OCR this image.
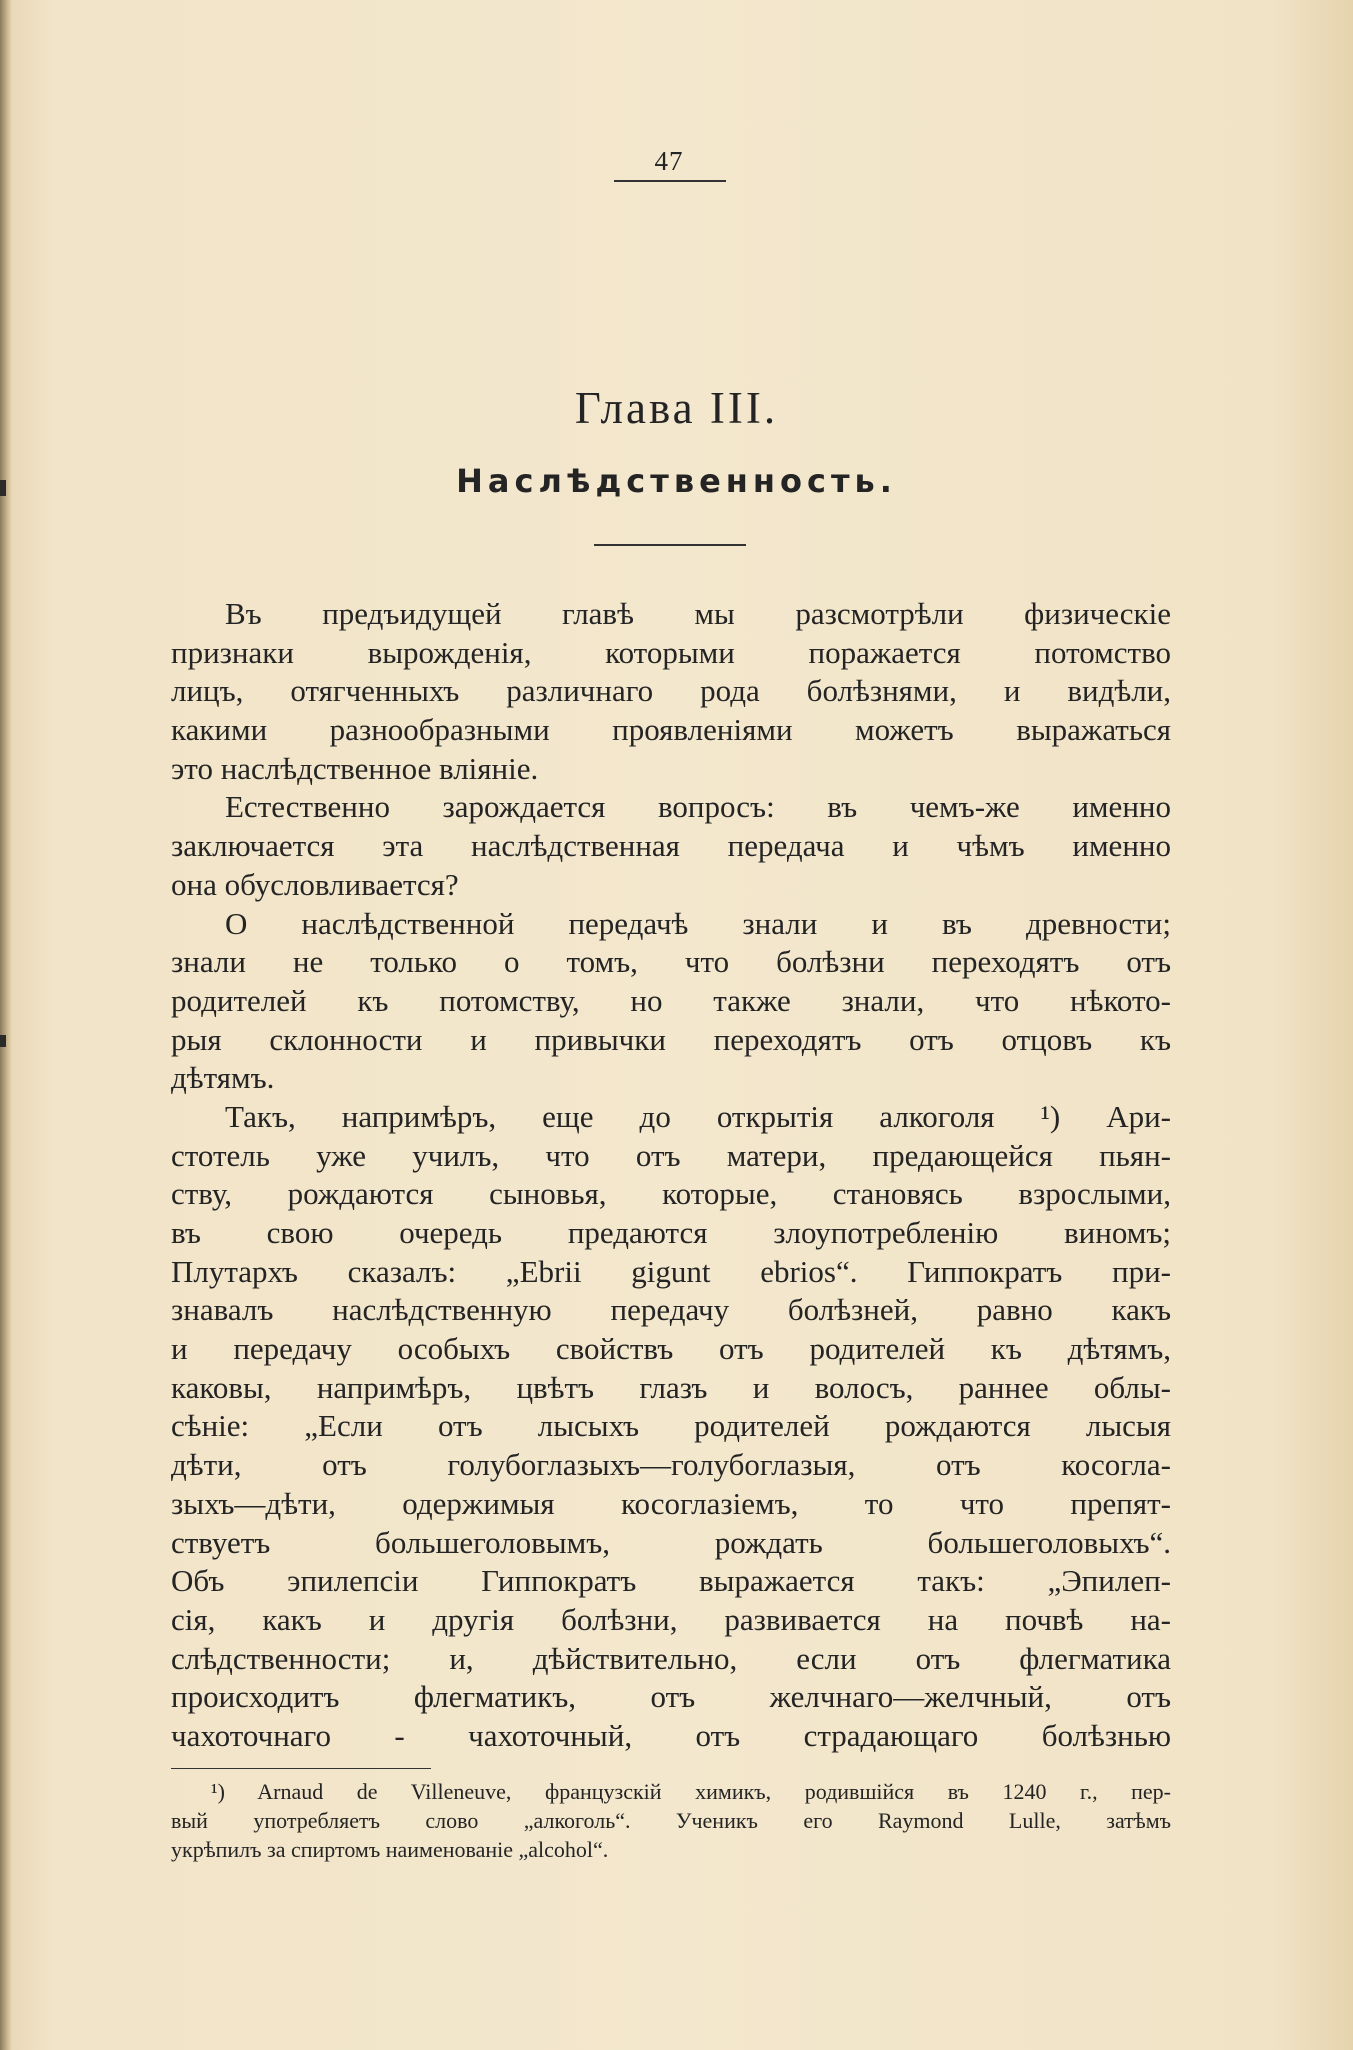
47
Глава III.
Наслѣдственность.
Въ предъидущей главѣ мы разсмотрѣли физическіе
признаки вырожденія, которыми поражается потомство
лицъ, отягченныхъ различнаго рода болѣзнями, и видѣли,
какими разнообразными проявленіями можетъ выражаться
это наслѣдственное вліяніе.
Естественно зарождается вопросъ: въ чемъ-же именно
заключается эта наслѣдственная передача и чѣмъ именно
она обусловливается?
О наслѣдственной передачѣ знали и въ древности;
знали не только о томъ, что болѣзни переходятъ отъ
родителей къ потомству, но также знали, что нѣкото-
рыя склонности и привычки переходятъ отъ отцовъ къ
дѣтямъ.
Такъ, напримѣръ, еще до открытія алкоголя ¹) Ари-
стотель уже училъ, что отъ матери, предающейся пьян-
ству, рождаются сыновья, которые, становясь взрослыми,
въ свою очередь предаются злоупотребленію виномъ;
Плутархъ сказалъ: „Ebrii gigunt ebrios“. Гиппократъ при-
знавалъ наслѣдственную передачу болѣзней, равно какъ
и передачу особыхъ свойствъ отъ родителей къ дѣтямъ,
каковы, напримѣръ, цвѣтъ глазъ и волосъ, раннее облы-
сѣніе: „Если отъ лысыхъ родителей рождаются лысыя
дѣти, отъ голубоглазыхъ—голубоглазыя, отъ косогла-
зыхъ—дѣти, одержимыя косоглазіемъ, то что препят-
ствуетъ большеголовымъ, рождать большеголовыхъ“.
Объ эпилепсіи Гиппократъ выражается такъ: „Эпилеп-
сія, какъ и другія болѣзни, развивается на почвѣ на-
слѣдственности; и, дѣйствительно, если отъ флегматика
происходитъ флегматикъ, отъ желчнаго—желчный, отъ
чахоточнаго - чахоточный, отъ страдающаго болѣзнью
¹) Arnaud de Villeneuve, французскій химикъ, родившійся въ 1240 г., пер-
вый употребляетъ слово „алкоголь“. Ученикъ его Raymond Lulle, затѣмъ
укрѣпилъ за спиртомъ наименованіе „alcohol“.
